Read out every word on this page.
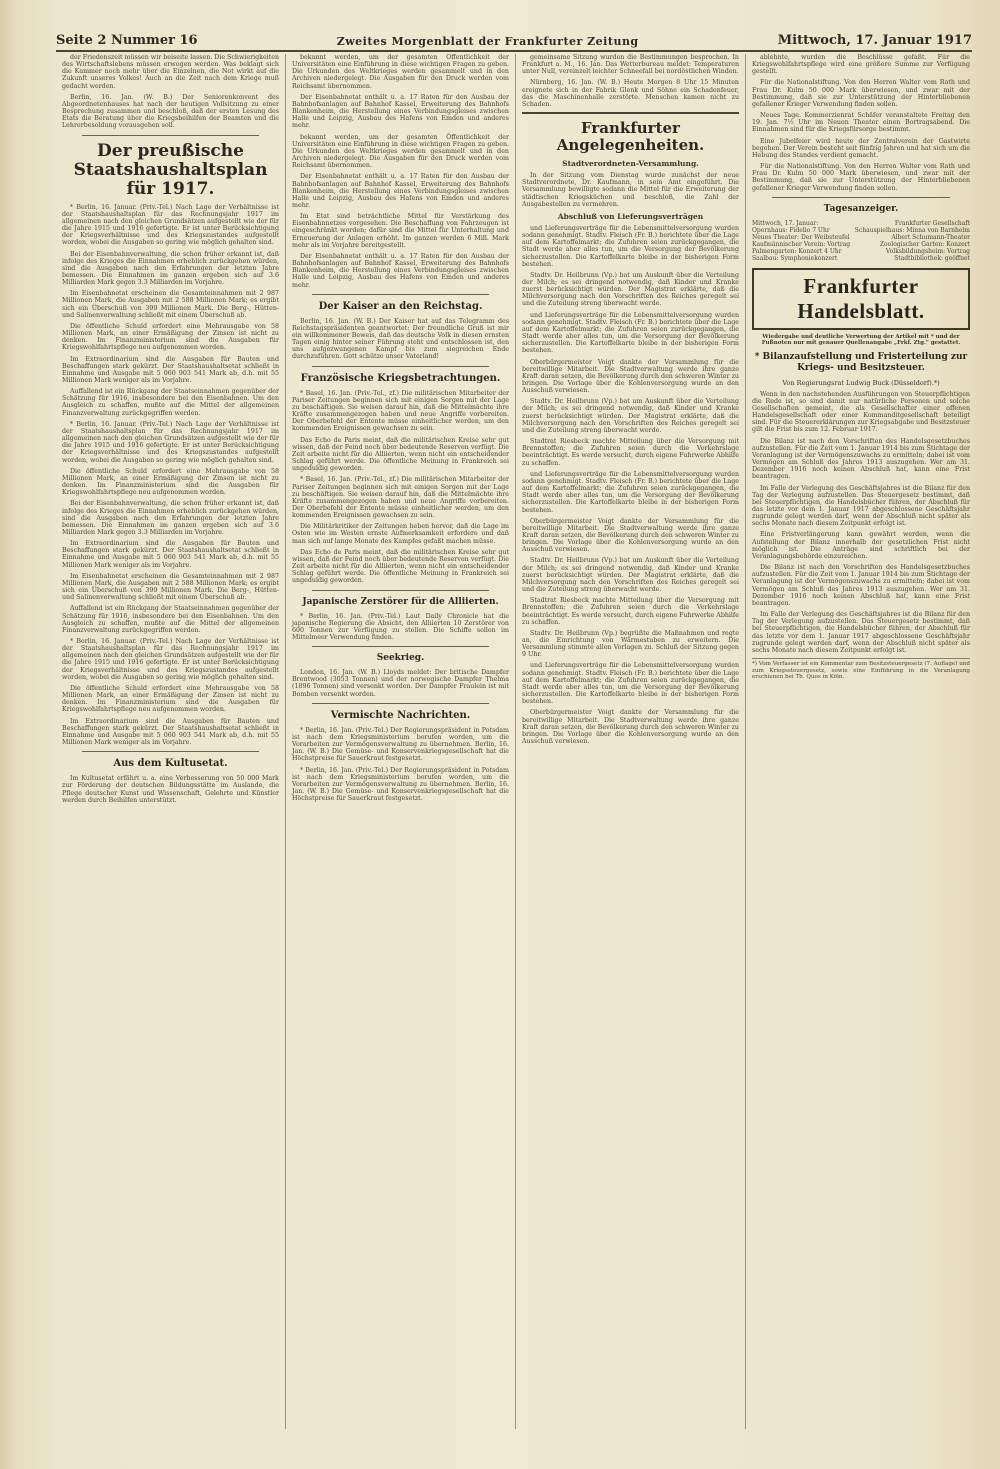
Seite 2 Nummer 16	Zweites Morgenblatt der Frankfurter Zeitung	Mittwoch, 17. Januar 1917

der Friedenszeit müssen wir beiseite lassen. Die Schwierigkeiten des Wirtschaftslebens müssen erwogen werden. Was beklagt sich die Kammer noch mehr über die Einzelnen, die Not wirkt auf die Zukunft unseres Volkes! Auch an die Zeit nach dem Kriege muß gedacht werden.

Berlin, 16. Jan. (W. B.) Der Seniorenkonvent des Abgeordnetenhauses hat nach der heutigen Vollsitzung zu einer Besprechung zusammen und beschloß, daß der ersten Lesung des Etats die Beratung über die Kriegsbeihilfen der Beamten und die Lehrerbesoldung vorausgehen soll.

Der preußische Staatshaushaltsplan für 1917.

* Berlin, 16. Januar. (Priv.-Tel.) Nach Lage der Verhältnisse ist der Staatshaushaltsplan für das Rechnungsjahr 1917 im allgemeinen nach den gleichen Grundsätzen aufgestellt wie der für die Jahre 1915 und 1916 gefertigte. Er ist unter Berücksichtigung der Kriegsverhältnisse und des Kriegszustandes aufgestellt worden, wobei die Ausgaben so gering wie möglich gehalten sind.

Bei der Eisenbahnverwaltung, die schon früher erkannt ist, daß infolge des Krieges die Einnahmen erheblich zurückgehen würden, sind die Ausgaben nach den Erfahrungen der letzten Jahre bemessen. Die Einnahmen im ganzen ergeben sich auf 3.6 Milliarden Mark gegen 3.3 Milliarden im Vorjahre.

Im Eisenbahnetat erscheinen die Gesamteinnahmen mit 2 987 Millionen Mark, die Ausgaben mit 2 588 Millionen Mark; es ergibt sich ein Überschuß von 399 Millionen Mark. Die Berg-, Hütten- und Salinenverwaltung schließt mit einem Überschuß ab.

Die öffentliche Schuld erfordert eine Mehrausgabe von 58 Millionen Mark, an einer Ermäßigung der Zinsen ist nicht zu denken. Im Finanzministerium sind die Ausgaben für Kriegswohlfahrtspflege neu aufgenommen worden.

Im Extraordinarium sind die Ausgaben für Bauten und Beschaffungen stark gekürzt. Der Staatshaushaltsetat schließt in Einnahme und Ausgabe mit 5 060 903 541 Mark ab, d.h. mit 55 Millionen Mark weniger als im Vorjahre.

Auffallend ist ein Rückgang der Staatseinnahmen gegenüber der Schätzung für 1916, insbesondere bei den Eisenbahnen. Um den Ausgleich zu schaffen, mußte auf die Mittel der allgemeinen Finanzverwaltung zurückgegriffen werden.

* Berlin, 16. Januar. (Priv.-Tel.) Nach Lage der Verhältnisse ist der Staatshaushaltsplan für das Rechnungsjahr 1917 im allgemeinen nach den gleichen Grundsätzen aufgestellt wie der für die Jahre 1915 und 1916 gefertigte. Er ist unter Berücksichtigung der Kriegsverhältnisse und des Kriegszustandes aufgestellt worden, wobei die Ausgaben so gering wie möglich gehalten sind.

Die öffentliche Schuld erfordert eine Mehrausgabe von 58 Millionen Mark, an einer Ermäßigung der Zinsen ist nicht zu denken. Im Finanzministerium sind die Ausgaben für Kriegswohlfahrtspflege neu aufgenommen worden.

Bei der Eisenbahnverwaltung, die schon früher erkannt ist, daß infolge des Krieges die Einnahmen erheblich zurückgehen würden, sind die Ausgaben nach den Erfahrungen der letzten Jahre bemessen. Die Einnahmen im ganzen ergeben sich auf 3.6 Milliarden Mark gegen 3.3 Milliarden im Vorjahre.

Im Extraordinarium sind die Ausgaben für Bauten und Beschaffungen stark gekürzt. Der Staatshaushaltsetat schließt in Einnahme und Ausgabe mit 5 060 903 541 Mark ab, d.h. mit 55 Millionen Mark weniger als im Vorjahre.

Im Eisenbahnetat erscheinen die Gesamteinnahmen mit 2 987 Millionen Mark, die Ausgaben mit 2 588 Millionen Mark; es ergibt sich ein Überschuß von 399 Millionen Mark. Die Berg-, Hütten- und Salinenverwaltung schließt mit einem Überschuß ab.

Auffallend ist ein Rückgang der Staatseinnahmen gegenüber der Schätzung für 1916, insbesondere bei den Eisenbahnen. Um den Ausgleich zu schaffen, mußte auf die Mittel der allgemeinen Finanzverwaltung zurückgegriffen werden.

* Berlin, 16. Januar. (Priv.-Tel.) Nach Lage der Verhältnisse ist der Staatshaushaltsplan für das Rechnungsjahr 1917 im allgemeinen nach den gleichen Grundsätzen aufgestellt wie der für die Jahre 1915 und 1916 gefertigte. Er ist unter Berücksichtigung der Kriegsverhältnisse und des Kriegszustandes aufgestellt worden, wobei die Ausgaben so gering wie möglich gehalten sind.

Die öffentliche Schuld erfordert eine Mehrausgabe von 58 Millionen Mark, an einer Ermäßigung der Zinsen ist nicht zu denken. Im Finanzministerium sind die Ausgaben für Kriegswohlfahrtspflege neu aufgenommen worden.

Im Extraordinarium sind die Ausgaben für Bauten und Beschaffungen stark gekürzt. Der Staatshaushaltsetat schließt in Einnahme und Ausgabe mit 5 060 903 541 Mark ab, d.h. mit 55 Millionen Mark weniger als im Vorjahre.

Aus dem Kultusetat.

Im Kultusetat erfährt u. a. eine Verbesserung von 50 000 Mark zur Förderung der deutschen Bildungsstätte im Auslande, die Pflege deutscher Kunst und Wissenschaft, Gelehrte und Künstler werden durch Beihilfen unterstützt.

bekannt werden, um der gesamten Öffentlichkeit der Universitäten eine Einführung in diese wichtigen Fragen zu geben. Die Urkunden des Weltkrieges werden gesammelt und in den Archiven niedergelegt. Die Ausgaben für den Druck werden vom Reichsamt übernommen.

Der Eisenbahnetat enthält u. a. 17 Raten für den Ausbau der Bahnhofsanlagen auf Bahnhof Kassel, Erweiterung des Bahnhofs Blankenheim, die Herstellung eines Verbindungsgleises zwischen Halle und Leipzig, Ausbau des Hafens von Emden und anderes mehr.

bekannt werden, um der gesamten Öffentlichkeit der Universitäten eine Einführung in diese wichtigen Fragen zu geben. Die Urkunden des Weltkrieges werden gesammelt und in den Archiven niedergelegt. Die Ausgaben für den Druck werden vom Reichsamt übernommen.

Der Eisenbahnetat enthält u. a. 17 Raten für den Ausbau der Bahnhofsanlagen auf Bahnhof Kassel, Erweiterung des Bahnhofs Blankenheim, die Herstellung eines Verbindungsgleises zwischen Halle und Leipzig, Ausbau des Hafens von Emden und anderes mehr.

Im Etat sind beträchtliche Mittel für Verstärkung des Eisenbahnnetzes vorgesehen. Die Beschaffung von Fahrzeugen ist eingeschränkt worden; dafür sind die Mittel für Unterhaltung und Erneuerung der Anlagen erhöht. Im ganzen werden 6 Mill. Mark mehr als im Vorjahre bereitgestellt.

Der Eisenbahnetat enthält u. a. 17 Raten für den Ausbau der Bahnhofsanlagen auf Bahnhof Kassel, Erweiterung des Bahnhofs Blankenheim, die Herstellung eines Verbindungsgleises zwischen Halle und Leipzig, Ausbau des Hafens von Emden und anderes mehr.

Der Kaiser an den Reichstag.

Berlin, 16. Jan. (W. B.) Der Kaiser hat auf das Telegramm des Reichstagspräsidenten geantwortet: Der freundliche Gruß ist mir ein willkommener Beweis, daß das deutsche Volk in diesen ernsten Tagen einig hinter seiner Führung steht und entschlossen ist, den uns aufgezwungenen Kampf bis zum siegreichen Ende durchzuführen. Gott schütze unser Vaterland!

Französische Kriegsbetrachtungen.

* Basel, 16. Jan. (Priv.-Tel., zf.) Die militärischen Mitarbeiter der Pariser Zeitungen beginnen sich mit einigen Sorgen mit der Lage zu beschäftigen. Sie weisen darauf hin, daß die Mittelmächte ihre Kräfte zusammengezogen haben und neue Angriffe vorbereiten. Der Oberbefehl der Entente müsse einheitlicher werden, um den kommenden Ereignissen gewachsen zu sein.

Das Echo de Paris meint, daß die militärischen Kreise sehr gut wissen, daß der Feind noch über bedeutende Reserven verfügt. Die Zeit arbeite nicht für die Alliierten, wenn nicht ein entscheidender Schlag geführt werde. Die öffentliche Meinung in Frankreich sei ungeduldig geworden.

* Basel, 16. Jan. (Priv.-Tel., zf.) Die militärischen Mitarbeiter der Pariser Zeitungen beginnen sich mit einigen Sorgen mit der Lage zu beschäftigen. Sie weisen darauf hin, daß die Mittelmächte ihre Kräfte zusammengezogen haben und neue Angriffe vorbereiten. Der Oberbefehl der Entente müsse einheitlicher werden, um den kommenden Ereignissen gewachsen zu sein.

Die Militärkritiker der Zeitungen heben hervor, daß die Lage im Osten wie im Westen ernste Aufmerksamkeit erfordere und daß man sich auf lange Monate des Kampfes gefaßt machen müsse.

Das Echo de Paris meint, daß die militärischen Kreise sehr gut wissen, daß der Feind noch über bedeutende Reserven verfügt. Die Zeit arbeite nicht für die Alliierten, wenn nicht ein entscheidender Schlag geführt werde. Die öffentliche Meinung in Frankreich sei ungeduldig geworden.

Japanische Zerstörer für die Alliierten.

* Berlin, 16. Jan. (Priv.-Tel.) Laut Daily Chronicle hat die japanische Regierung die Absicht, den Alliierten 10 Zerstörer von 600 Tonnen zur Verfügung zu stellen. Die Schiffe sollen im Mittelmeer Verwendung finden.

Seekrieg.

London, 16. Jan. (W. B.) Lloyds meldet: Der britische Dampfer Brentwood (3053 Tonnen) und der norwegische Dampfer Thelma (1896 Tonnen) sind versenkt worden. Der Dampfer Fraulein ist mit Bomben versenkt worden.

Vermischte Nachrichten.

* Berlin, 16. Jan. (Priv.-Tel.) Der Regierungspräsident in Potsdam ist nach dem Kriegsministerium berufen worden, um die Vorarbeiten zur Vermögensverwaltung zu übernehmen. Berlin, 16. Jan. (W. B.) Die Gemüse- und Konservenkriegsgesellschaft hat die Höchstpreise für Sauerkraut festgesetzt.

* Berlin, 16. Jan. (Priv.-Tel.) Der Regierungspräsident in Potsdam ist nach dem Kriegsministerium berufen worden, um die Vorarbeiten zur Vermögensverwaltung zu übernehmen. Berlin, 16. Jan. (W. B.) Die Gemüse- und Konservenkriegsgesellschaft hat die Höchstpreise für Sauerkraut festgesetzt.

gemeinsame Sitzung wurden die Bestimmungen besprochen. In Frankfurt a. M., 16. Jan. Das Wetterbureau meldet: Temperaturen unter Null, vereinzelt leichter Schneefall bei nordöstlichen Winden.

Nürnberg, 16. Jan. (W. B.) Heute Morgen 8 Uhr 15 Minuten ereignete sich in der Fabrik Glenk und Söhne ein Schadenfeuer, das die Maschinenhalle zerstörte. Menschen kamen nicht zu Schaden.

Frankfurter Angelegenheiten.
Stadtverordneten-Versammlung.

In der Sitzung vom Dienstag wurde zunächst der neue Stadtverordnete, Dr. Kaufmann, in sein Amt eingeführt. Die Versammlung bewilligte sodann die Mittel für die Erweiterung der städtischen Kriegsküchen und beschloß, die Zahl der Ausgabestellen zu vermehren.

Abschluß von Lieferungsverträgen

und Lieferungsverträge für die Lebensmittelversorgung wurden sodann genehmigt. Stadtv. Fleisch (Fr. B.) berichtete über die Lage auf dem Kartoffelmarkt; die Zufuhren seien zurückgegangen, die Stadt werde aber alles tun, um die Versorgung der Bevölkerung sicherzustellen. Die Kartoffelkarte bleibe in der bisherigen Form bestehen.

Stadtv. Dr. Heilbrunn (Vp.) bat um Auskunft über die Verteilung der Milch; es sei dringend notwendig, daß Kinder und Kranke zuerst berücksichtigt würden. Der Magistrat erklärte, daß die Milchversorgung nach den Vorschriften des Reiches geregelt sei und die Zuteilung streng überwacht werde.

und Lieferungsverträge für die Lebensmittelversorgung wurden sodann genehmigt. Stadtv. Fleisch (Fr. B.) berichtete über die Lage auf dem Kartoffelmarkt; die Zufuhren seien zurückgegangen, die Stadt werde aber alles tun, um die Versorgung der Bevölkerung sicherzustellen. Die Kartoffelkarte bleibe in der bisherigen Form bestehen.

Oberbürgermeister Voigt dankte der Versammlung für die bereitwillige Mitarbeit. Die Stadtverwaltung werde ihre ganze Kraft daran setzen, die Bevölkerung durch den schweren Winter zu bringen. Die Vorlage über die Kohlenversorgung wurde an den Ausschuß verwiesen.

Stadtv. Dr. Heilbrunn (Vp.) bat um Auskunft über die Verteilung der Milch; es sei dringend notwendig, daß Kinder und Kranke zuerst berücksichtigt würden. Der Magistrat erklärte, daß die Milchversorgung nach den Vorschriften des Reiches geregelt sei und die Zuteilung streng überwacht werde.

Stadtrat Riesbeck machte Mitteilung über die Versorgung mit Brennstoffen; die Zufuhren seien durch die Verkehrslage beeinträchtigt. Es werde versucht, durch eigene Fuhrwerke Abhilfe zu schaffen.

und Lieferungsverträge für die Lebensmittelversorgung wurden sodann genehmigt. Stadtv. Fleisch (Fr. B.) berichtete über die Lage auf dem Kartoffelmarkt; die Zufuhren seien zurückgegangen, die Stadt werde aber alles tun, um die Versorgung der Bevölkerung sicherzustellen. Die Kartoffelkarte bleibe in der bisherigen Form bestehen.

Oberbürgermeister Voigt dankte der Versammlung für die bereitwillige Mitarbeit. Die Stadtverwaltung werde ihre ganze Kraft daran setzen, die Bevölkerung durch den schweren Winter zu bringen. Die Vorlage über die Kohlenversorgung wurde an den Ausschuß verwiesen.

Stadtv. Dr. Heilbrunn (Vp.) bat um Auskunft über die Verteilung der Milch; es sei dringend notwendig, daß Kinder und Kranke zuerst berücksichtigt würden. Der Magistrat erklärte, daß die Milchversorgung nach den Vorschriften des Reiches geregelt sei und die Zuteilung streng überwacht werde.

Stadtrat Riesbeck machte Mitteilung über die Versorgung mit Brennstoffen; die Zufuhren seien durch die Verkehrslage beeinträchtigt. Es werde versucht, durch eigene Fuhrwerke Abhilfe zu schaffen.

Stadtv. Dr. Heilbrunn (Vp.) begrüßte die Maßnahmen und regte an, die Einrichtung von Wärmestuben zu erweitern. Die Versammlung stimmte allen Vorlagen zu. Schluß der Sitzung gegen 9 Uhr.

und Lieferungsverträge für die Lebensmittelversorgung wurden sodann genehmigt. Stadtv. Fleisch (Fr. B.) berichtete über die Lage auf dem Kartoffelmarkt; die Zufuhren seien zurückgegangen, die Stadt werde aber alles tun, um die Versorgung der Bevölkerung sicherzustellen. Die Kartoffelkarte bleibe in der bisherigen Form bestehen.

Oberbürgermeister Voigt dankte der Versammlung für die bereitwillige Mitarbeit. Die Stadtverwaltung werde ihre ganze Kraft daran setzen, die Bevölkerung durch den schweren Winter zu bringen. Die Vorlage über die Kohlenversorgung wurde an den Ausschuß verwiesen.

ablehnte, wurden die Beschlüsse gefaßt. Für die Kriegswohlfahrtspflege wird eine größere Summe zur Verfügung gestellt.

Für die Nationalstiftung. Von den Herren Walter vom Rath und Frau Dr. Kulm 50 000 Mark überwiesen, und zwar mit der Bestimmung, daß sie zur Unterstützung der Hinterbliebenen gefallener Krieger Verwendung finden sollen.

Neues Tage. Kommerzienrat Schäfer veranstaltete Freitag den 19. Jan. 7½ Uhr im Neuen Theater einen Bortragsabend. Die Einnahmen sind für die Kriegsfürsorge bestimmt.

Eine Jubelfeier wird heute der Zentralverein der Gastwirte begehen. Der Verein besteht seit fünfzig Jahren und hat sich um die Hebung des Standes verdient gemacht.

Für die Nationalstiftung. Von den Herren Walter vom Rath und Frau Dr. Kulm 50 000 Mark überwiesen, und zwar mit der Bestimmung, daß sie zur Unterstützung der Hinterbliebenen gefallener Krieger Verwendung finden sollen.

Tagesanzeiger.
Mittwoch, 17. Januar:	Frankfurter Gesellschaft
Opernhaus: Fidelio 7 Uhr	Schauspielhaus: Minna von Barnhelm
Neues Theater: Der Weibsteufel	Albert Schumann-Theater
Kaufmännischer Verein: Vortrag	Zoologischer Garten: Konzert
Palmengarten: Konzert 4 Uhr	Volksbildungsheim: Vortrag
Saalbau: Symphoniekonzert	Stadtbibliothek: geöffnet
Frankfurter Handelsblatt.
Wiedergabe und deutliche Verwertung der Artikel mit * und der Fußnoten nur mit genauer Quellenangabe „Frkf. Ztg." gestattet.
* Bilanzaufstellung und Fristerteilung zur Kriegs- und Besitzsteuer.
Von Regierungsrat Ludwig Buck (Düsseldorf).*)

Wenn in den nachstehenden Ausführungen von Steuerpflichtigen die Rede ist, so sind damit nur natürliche Personen und solche Gesellschaften gemeint, die als Gesellschafter einer offenen Handelsgesellschaft oder einer Kommanditgesellschaft beteiligt sind. Für die Steuererklärungen zur Kriegsabgabe und Besitzsteuer gilt die Frist bis zum 12. Februar 1917.

Die Bilanz ist nach den Vorschriften des Handelsgesetzbuches aufzustellen. Für die Zeit vom 1. Januar 1914 bis zum Stichtage der Veranlagung ist der Vermögenszuwachs zu ermitteln; dabei ist vom Vermögen am Schluß des Jahres 1913 auszugehen. Wer am 31. Dezember 1916 noch keinen Abschluß hat, kann eine Frist beantragen.

Im Falle der Verlegung des Geschäftsjahres ist die Bilanz für den Tag der Verlegung aufzustellen. Das Steuergesetz bestimmt, daß bei Steuerpflichtigen, die Handelsbücher führen, der Abschluß für das letzte vor dem 1. Januar 1917 abgeschlossene Geschäftsjahr zugrunde gelegt werden darf, wenn der Abschluß nicht später als sechs Monate nach diesem Zeitpunkt erfolgt ist.

Eine Fristverlängerung kann gewährt werden, wenn die Aufstellung der Bilanz innerhalb der gesetzlichen Frist nicht möglich ist. Die Anträge sind schriftlich bei der Veranlagungsbehörde einzureichen.

Die Bilanz ist nach den Vorschriften des Handelsgesetzbuches aufzustellen. Für die Zeit vom 1. Januar 1914 bis zum Stichtage der Veranlagung ist der Vermögenszuwachs zu ermitteln; dabei ist vom Vermögen am Schluß des Jahres 1913 auszugehen. Wer am 31. Dezember 1916 noch keinen Abschluß hat, kann eine Frist beantragen.

Im Falle der Verlegung des Geschäftsjahres ist die Bilanz für den Tag der Verlegung aufzustellen. Das Steuergesetz bestimmt, daß bei Steuerpflichtigen, die Handelsbücher führen, der Abschluß für das letzte vor dem 1. Januar 1917 abgeschlossene Geschäftsjahr zugrunde gelegt werden darf, wenn der Abschluß nicht später als sechs Monate nach diesem Zeitpunkt erfolgt ist.

*) Vom Verfasser ist ein Kommentar zum Besitzsteuergesetz (7. Auflage) und zum Kriegssteuergesetz, sowie eine Einführung in die Veranlagung erschienen bei Th. Quos in Köln.
